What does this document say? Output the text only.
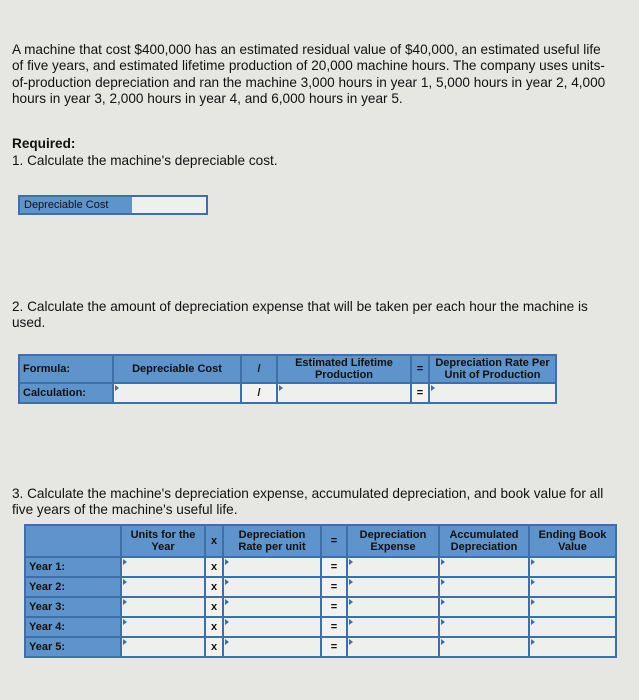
A machine that cost $400,000 has an estimated residual value of $40,000, an estimated useful life of five years, and estimated lifetime production of 20,000 machine hours. The company uses units-of-production depreciation and ran the machine 3,000 hours in year 1, 5,000 hours in year 2, 4,000 hours in year 3, 2,000 hours in year 4, and 6,000 hours in year 5.
Required:
1. Calculate the machine's depreciable cost.
Depreciable Cost
2. Calculate the amount of depreciation expense that will be taken per each hour the machine is used.
Formula:	Depreciable Cost	/	Estimated Lifetime Production	=	Depreciation Rate Per Unit of Production
Calculation:		/		=	
3. Calculate the machine's depreciation expense, accumulated depreciation, and book value for all five years of the machine's useful life.
	Units for the Year	x	Depreciation Rate per unit	=	Depreciation Expense	Accumulated Depreciation	Ending Book Value
Year 1:		x		=			
Year 2:		x		=			
Year 3:		x		=			
Year 4:		x		=			
Year 5:		x		=			
